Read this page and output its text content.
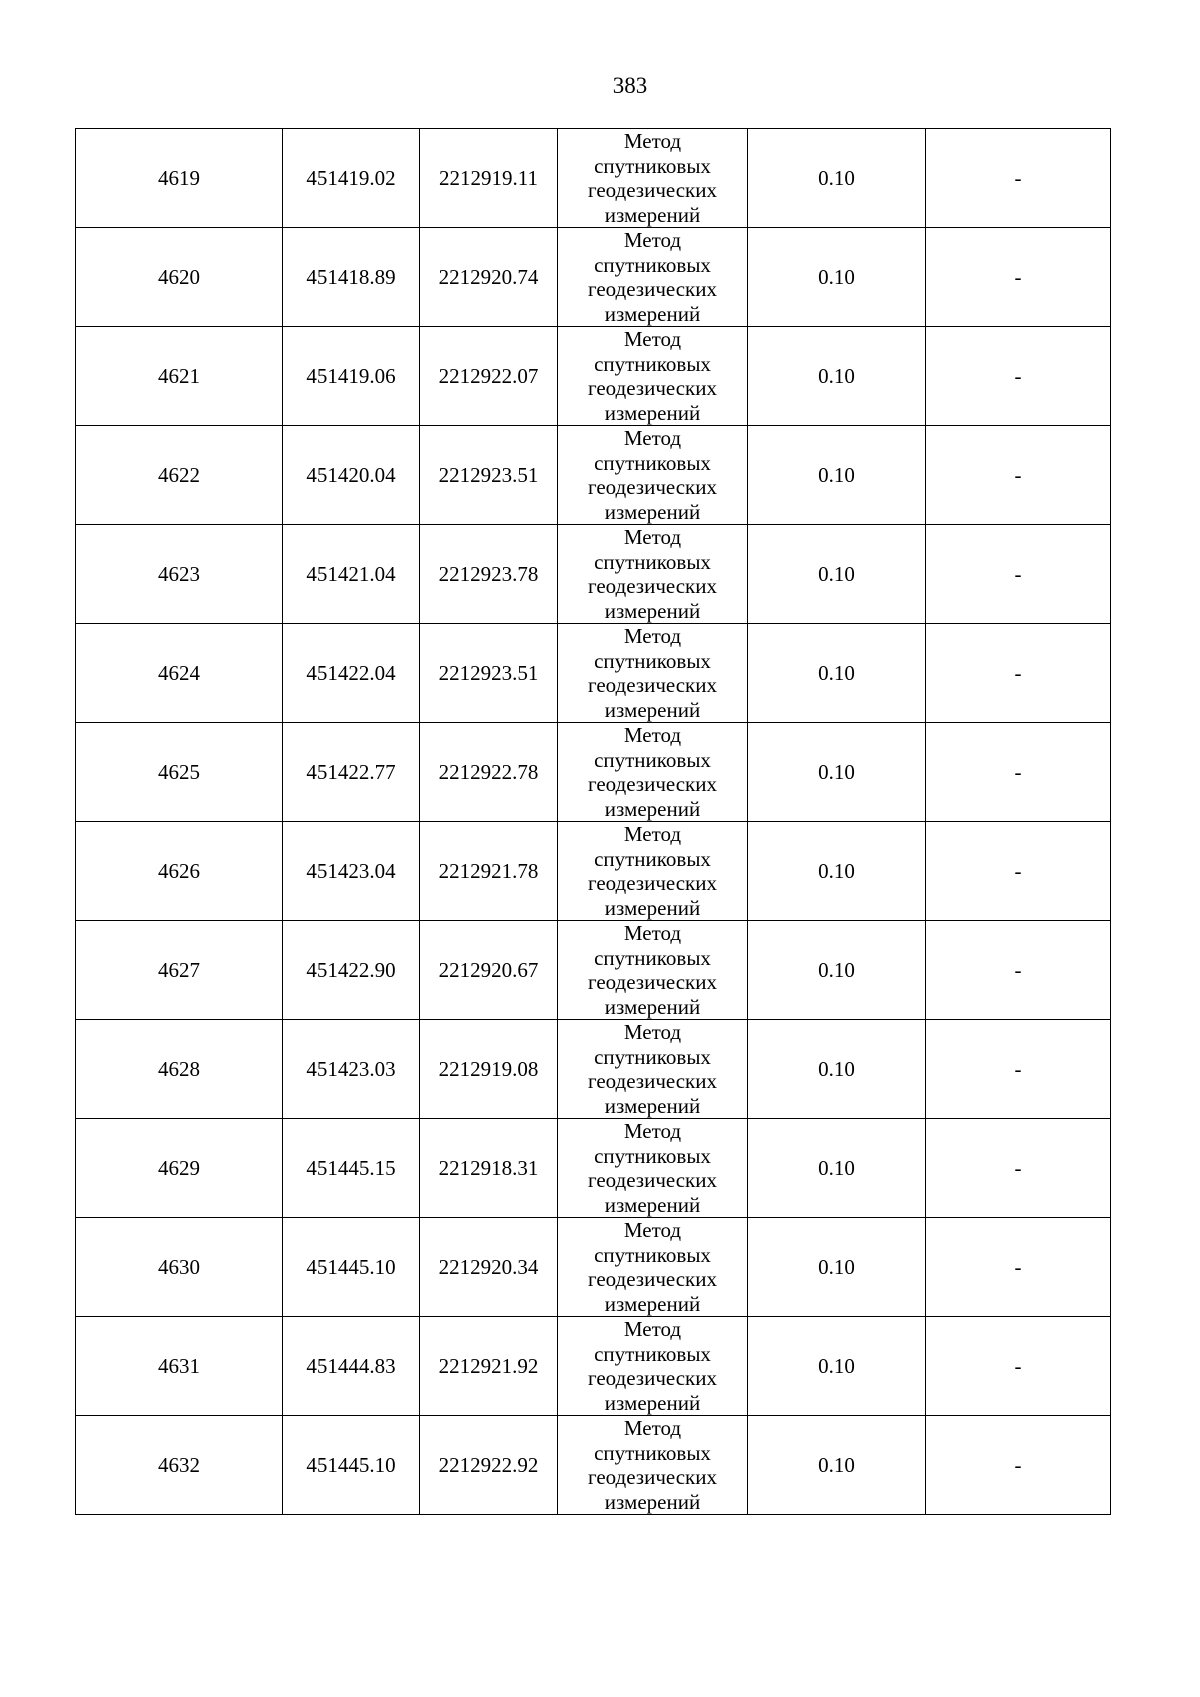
383
4619	451419.02	2212919.11	Метод
спутниковых
геодезических
измерений	0.10	-
4620	451418.89	2212920.74	Метод
спутниковых
геодезических
измерений	0.10	-
4621	451419.06	2212922.07	Метод
спутниковых
геодезических
измерений	0.10	-
4622	451420.04	2212923.51	Метод
спутниковых
геодезических
измерений	0.10	-
4623	451421.04	2212923.78	Метод
спутниковых
геодезических
измерений	0.10	-
4624	451422.04	2212923.51	Метод
спутниковых
геодезических
измерений	0.10	-
4625	451422.77	2212922.78	Метод
спутниковых
геодезических
измерений	0.10	-
4626	451423.04	2212921.78	Метод
спутниковых
геодезических
измерений	0.10	-
4627	451422.90	2212920.67	Метод
спутниковых
геодезических
измерений	0.10	-
4628	451423.03	2212919.08	Метод
спутниковых
геодезических
измерений	0.10	-
4629	451445.15	2212918.31	Метод
спутниковых
геодезических
измерений	0.10	-
4630	451445.10	2212920.34	Метод
спутниковых
геодезических
измерений	0.10	-
4631	451444.83	2212921.92	Метод
спутниковых
геодезических
измерений	0.10	-
4632	451445.10	2212922.92	Метод
спутниковых
геодезических
измерений	0.10	-
